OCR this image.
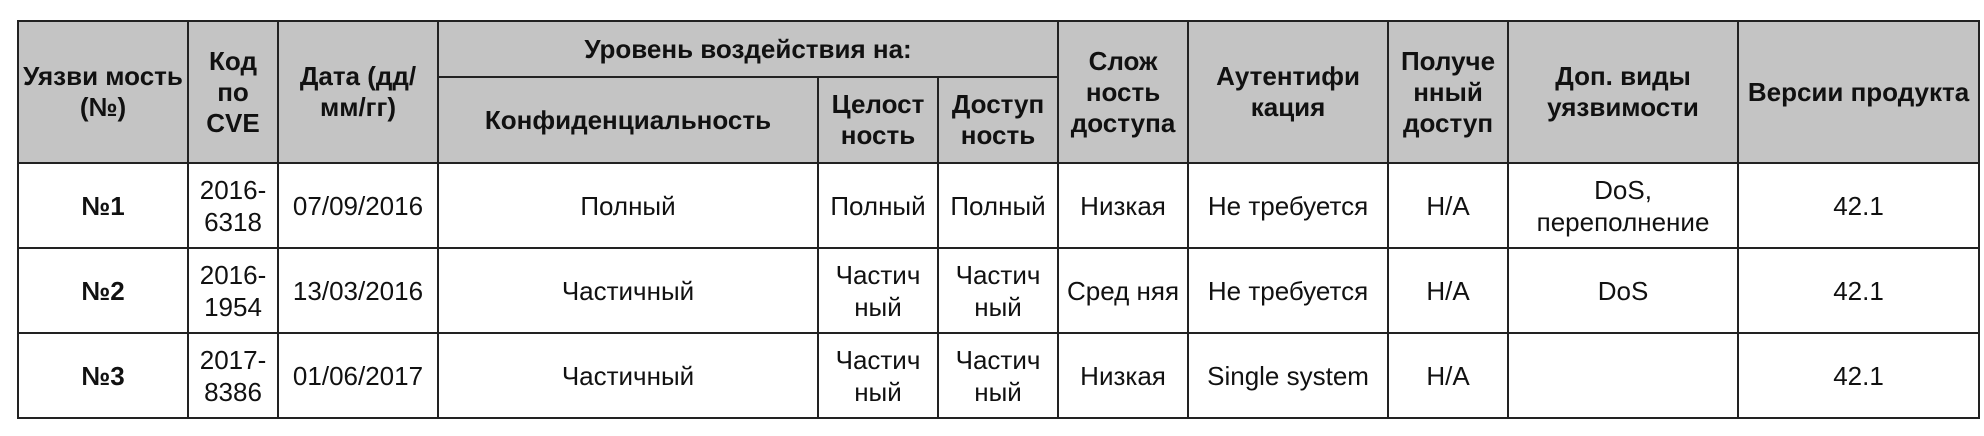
Уязви мость (№)	Код по CVE	Дата (дд/мм/гг)	Уровень воздействия на:			Слож ность доступа	Аутентифи кация	Получе нный доступ	Доп. виды уязвимости	Версии продукта
			Конфиденциальность	Целост ность	Доступ ность					
№1	2016-6318	07/09/2016	Полный	Полный	Полный	Низкая	Не требуется	Н/А	DoS, переполнение	42.1
№2	2016-1954	13/03/2016	Частичный	Частич ный	Частич ный	Сред няя	Не требуется	Н/А	DoS	42.1
№3	2017-8386	01/06/2017	Частичный	Частич ный	Частич ный	Низкая	Single system	Н/А		42.1
